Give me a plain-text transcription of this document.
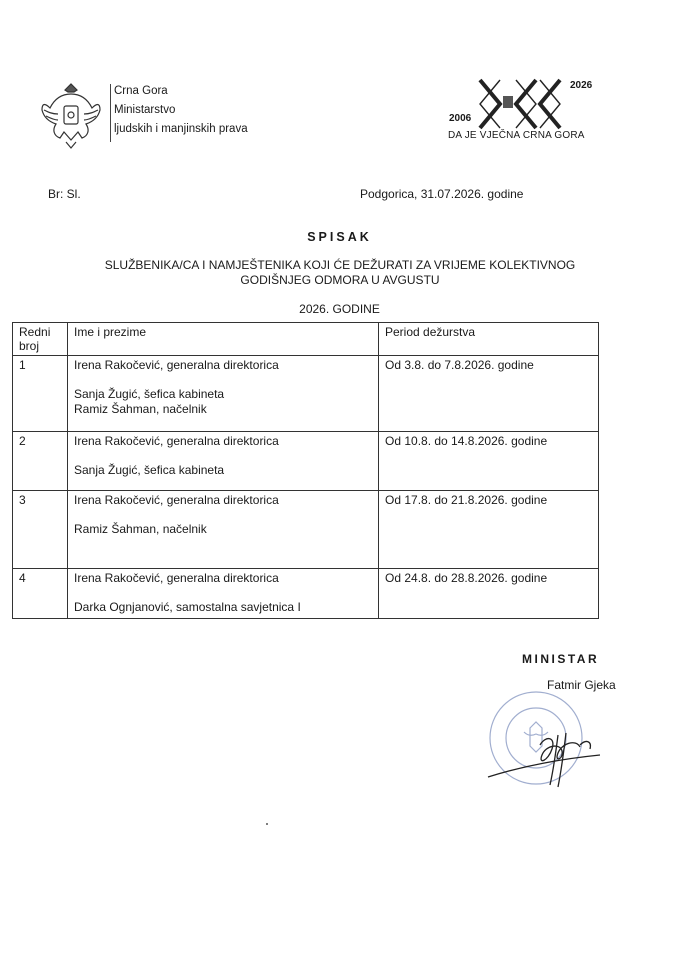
Crna Gora
Ministarstvo
ljudskih i manjinskih prava
2006
2026
DA JE VJEČNA CRNA GORA
Br: Sl.	Podgorica, 31.07.2026. godine
SPISAK
SLUŽBENIKA/CA I NAMJEŠTENIKA KOJI ĆE DEŽURATI ZA VRIJEME KOLEKTIVNOG
GODIŠNJEG ODMORA U AVGUSTU
2026. GODINE
Redni broj	Ime i prezime	Period dežurstva
1	Irena Rakočević, generalna direktorica
Sanja Žugić, šefica kabineta
Ramiz Šahman, načelnik	Od 3.8. do 7.8.2026. godine
2	Irena Rakočević, generalna direktorica
Sanja Žugić, šefica kabineta	Od 10.8. do 14.8.2026. godine
3	Irena Rakočević, generalna direktorica
Ramiz Šahman, načelnik	Od 17.8. do 21.8.2026. godine
4	Irena Rakočević, generalna direktorica
Darka Ognjanović, samostalna savjetnica I	Od 24.8. do 28.8.2026. godine
MINISTAR
Fatmir Gjeka
